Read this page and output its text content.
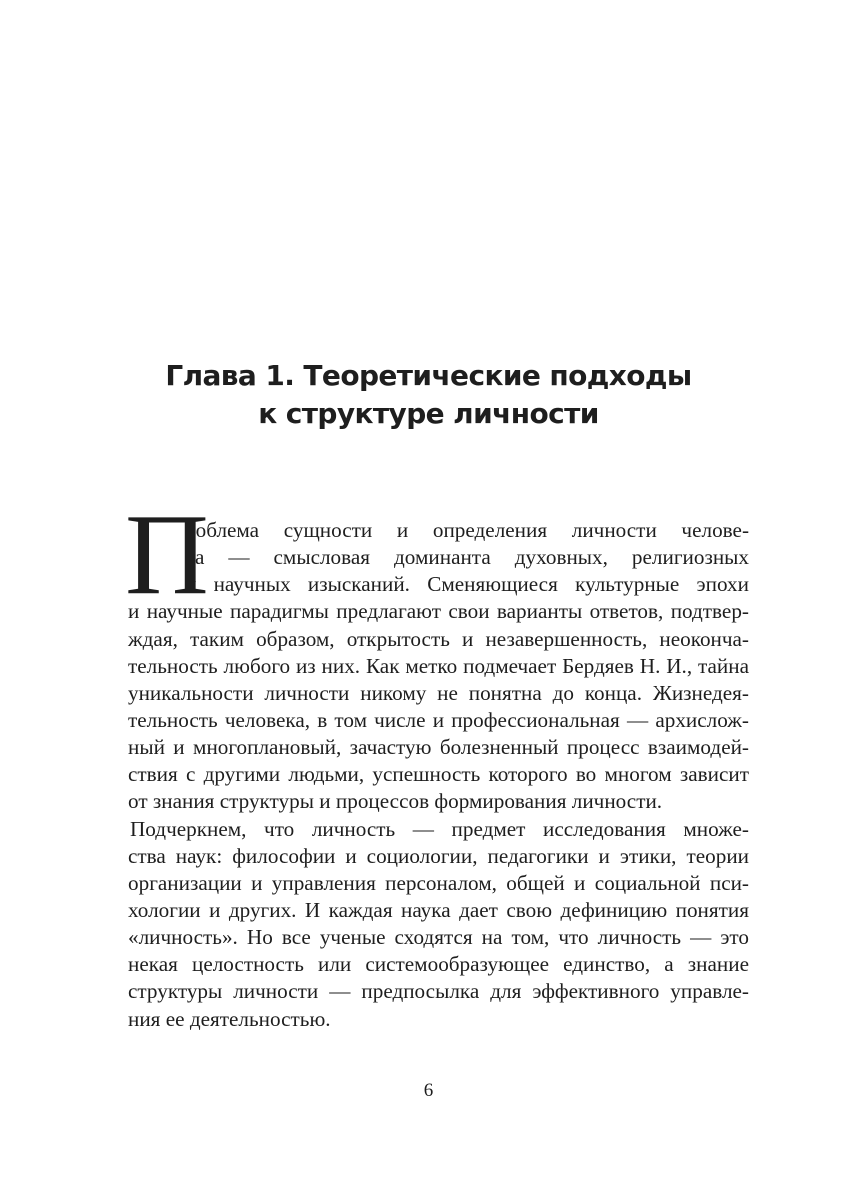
Глава 1. Теоретические подходы
к структуре личности
П
роблема сущности и определения личности челове-
ка — смысловая доминанта духовных, религиозных
и научных изысканий. Сменяющиеся культурные эпохи
и научные парадигмы предлагают свои варианты ответов, подтвер-
ждая, таким образом, открытость и незавершенность, неоконча-
тельность любого из них. Как метко подмечает Бердяев Н. И., тайна
уникальности личности никому не понятна до конца. Жизнедея-
тельность человека, в том числе и профессиональная — архислож-
ный и многоплановый, зачастую болезненный процесс взаимодей-
ствия с другими людьми, успешность которого во многом зависит
от знания структуры и процессов формирования личности.
Подчеркнем, что личность — предмет исследования множе-
ства наук: философии и социологии, педагогики и этики, теории
организации и управления персоналом, общей и социальной пси-
хологии и других. И каждая наука дает свою дефиницию понятия
«личность». Но все ученые сходятся на том, что личность — это
некая целостность или системообразующее единство, а знание
структуры личности — предпосылка для эффективного управле-
ния ее деятельностью.
6
